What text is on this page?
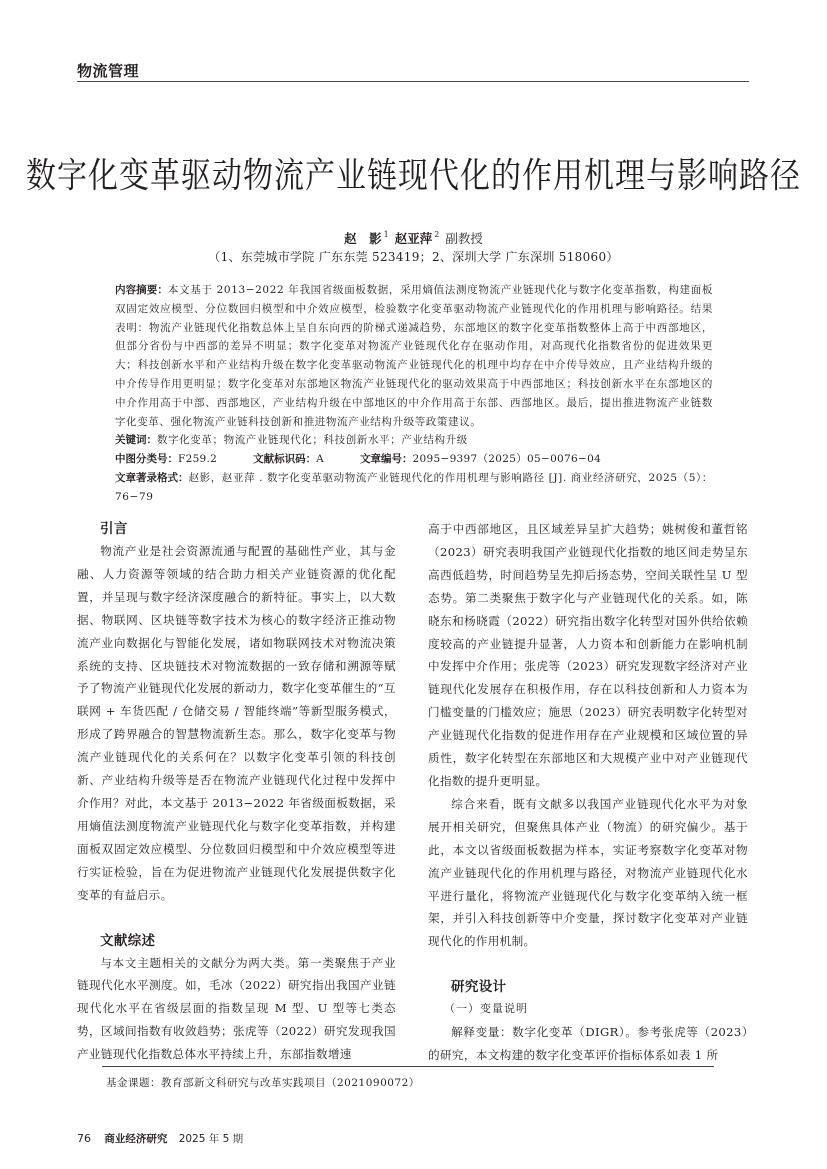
物流管理
数字化变革驱动物流产业链现代化的作用机理与影响路径
赵　影 $^1$ 赵亚萍 $^2$ 副教授
（1、东莞城市学院 广东东莞 523419；2、深圳大学 广东深圳 518060）
内容摘要：本文基于 2013−2022 年我国省级面板数据，采用熵值法测度物流产业链现代化与数字化变革指数，构建面板双固定效应模型、分位数回归模型和中介效应模型，检验数字化变革驱动物流产业链现代化的作用机理与影响路径。结果表明：物流产业链现代化指数总体上呈自东向西的阶梯式递减趋势，东部地区的数字化变革指数整体上高于中西部地区，但部分省份与中西部的差异不明显；数字化变革对物流产业链现代化存在驱动作用，对高现代化指数省份的促进效果更大；科技创新水平和产业结构升级在数字化变革驱动物流产业链现代化的机理中均存在中介传导效应，且产业结构升级的中介传导作用更明显；数字化变革对东部地区物流产业链现代化的驱动效果高于中西部地区；科技创新水平在东部地区的中介作用高于中部、西部地区，产业结构升级在中部地区的中介作用高于东部、西部地区。最后，提出推进物流产业链数字化变革、强化物流产业链科技创新和推进物流产业结构升级等政策建议。
关键词：数字化变革；物流产业链现代化；科技创新水平；产业结构升级
中图分类号：F259.2	文献标识码：A	文章编号：2095−9397（2025）05−0076−04
文章著录格式：赵影，赵亚萍 . 数字化变革驱动物流产业链现代化的作用机理与影响路径 [J]. 商业经济研究，2025（5）：76−79
引言

物流产业是社会资源流通与配置的基础性产业，其与金融、人力资源等领域的结合助力相关产业链资源的优化配置，并呈现与数字经济深度融合的新特征。事实上，以大数据、物联网、区块链等数字技术为核心的数字经济正推动物流产业向数据化与智能化发展，诸如物联网技术对物流决策系统的支持、区块链技术对物流数据的一致存储和溯源等赋予了物流产业链现代化发展的新动力，数字化变革催生的“互联网 + 车货匹配 / 仓储交易 / 智能终端”等新型服务模式，形成了跨界融合的智慧物流新生态。那么，数字化变革与物流产业链现代化的关系何在？以数字化变革引领的科技创新、产业结构升级等是否在物流产业链现代化过程中发挥中介作用？对此，本文基于 2013−2022 年省级面板数据，采用熵值法测度物流产业链现代化与数字化变革指数，并构建面板双固定效应模型、分位数回归模型和中介效应模型等进行实证检验，旨在为促进物流产业链现代化发展提供数字化变革的有益启示。

文献综述

与本文主题相关的文献分为两大类。第一类聚焦于产业链现代化水平测度。如，毛冰（2022）研究指出我国产业链现代化水平在省级层面的指数呈现 M 型、U 型等七类态势，区域间指数有收敛趋势；张虎等（2022）研究发现我国产业链现代化指数总体水平持续上升，东部指数增速

高于中西部地区，且区域差异呈扩大趋势；姚树俊和董哲铭（2023）研究表明我国产业链现代化指数的地区间走势呈东高西低趋势，时间趋势呈先抑后扬态势，空间关联性呈 U 型态势。第二类聚焦于数字化与产业链现代化的关系。如，陈晓东和杨晓霞（2022）研究指出数字化转型对国外供给依赖度较高的产业链提升显著，人力资本和创新能力在影响机制中发挥中介作用；张虎等（2023）研究发现数字经济对产业链现代化发展存在积极作用，存在以科技创新和人力资本为门槛变量的门槛效应；施思（2023）研究表明数字化转型对产业链现代化指数的促进作用存在产业规模和区域位置的异质性，数字化转型在东部地区和大规模产业中对产业链现代化指数的提升更明显。

综合来看，既有文献多以我国产业链现代化水平为对象展开相关研究，但聚焦具体产业（物流）的研究偏少。基于此，本文以省级面板数据为样本，实证考察数字化变革对物流产业链现代化的作用机理与路径，对物流产业链现代化水平进行量化，将物流产业链现代化与数字化变革纳入统一框架，并引入科技创新等中介变量，探讨数字化变革对产业链现代化的作用机制。

研究设计
（一）变量说明

解释变量：数字化变革（DIGR）。参考张虎等（2023）的研究，本文构建的数字化变革评价指标体系如表 1 所

基金课题：教育部新文科研究与改革实践项目（2021090072）
76 商业经济研究 2025 年 5 期
